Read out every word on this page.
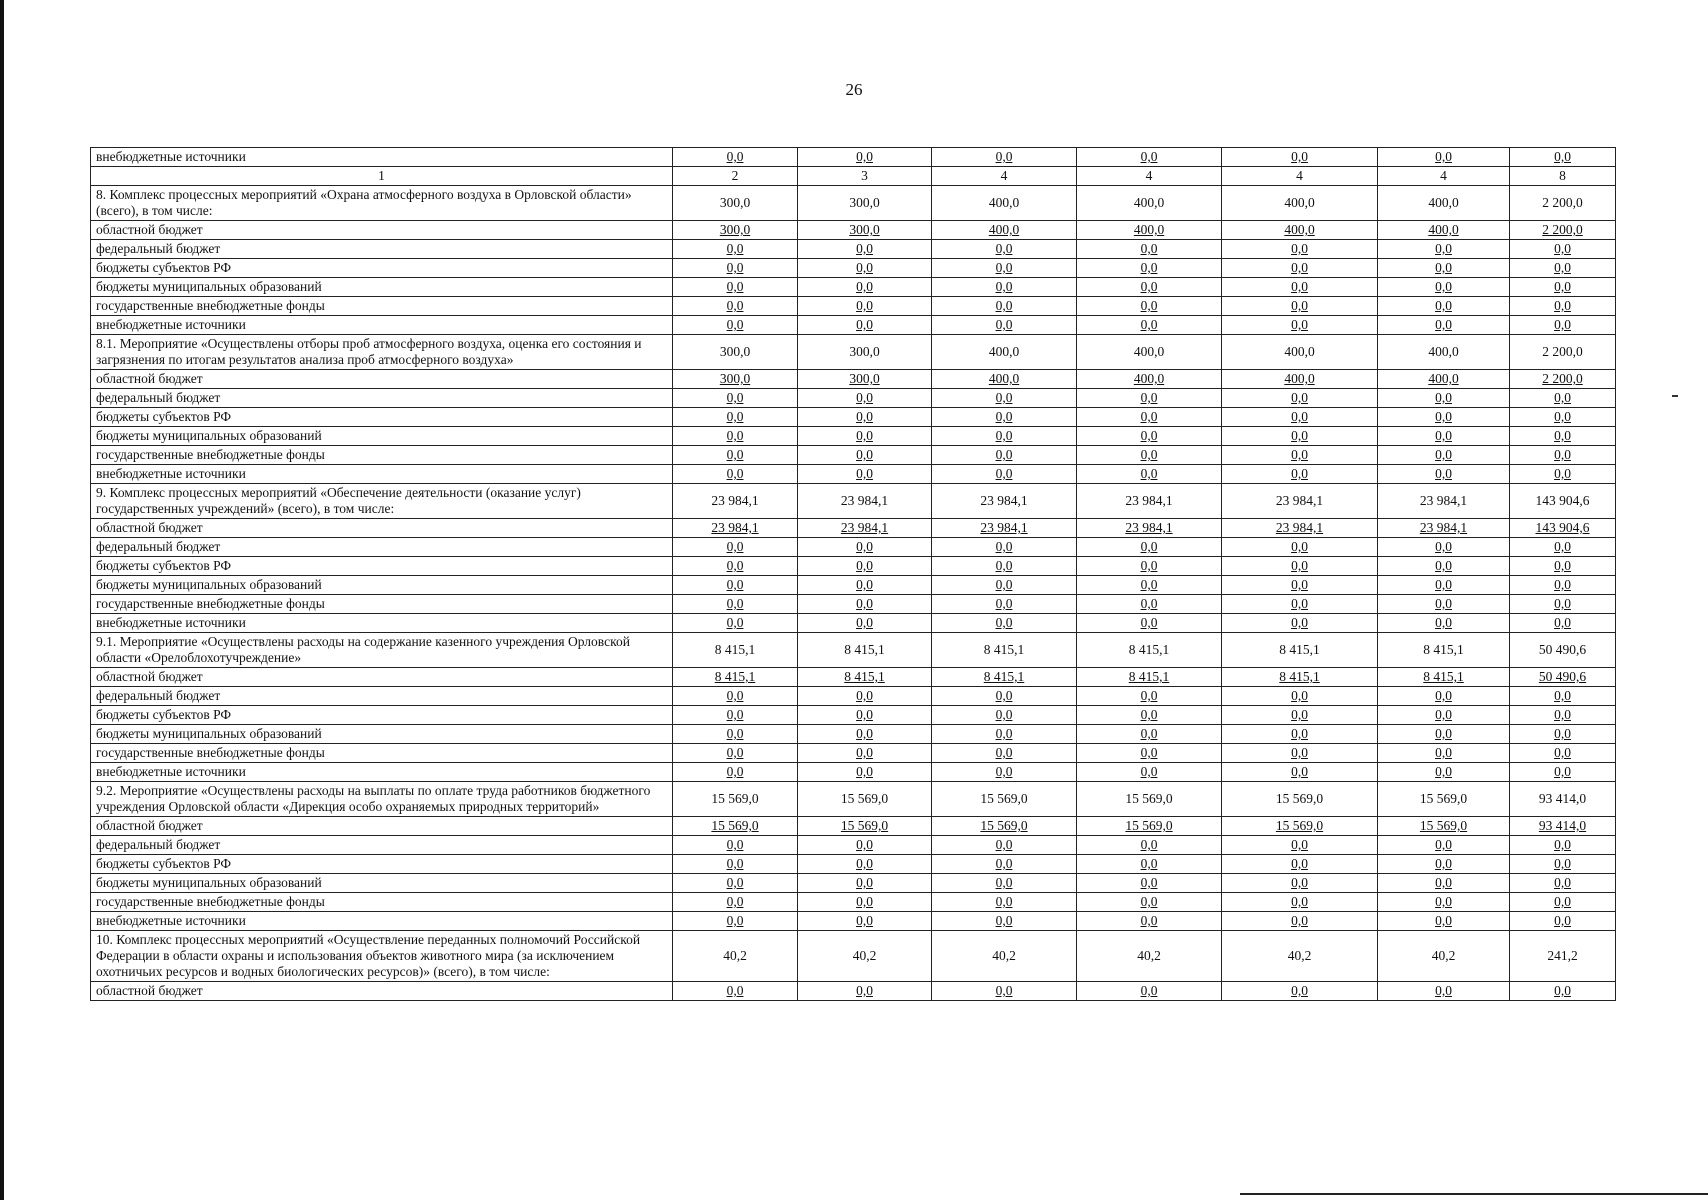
26
внебюджетные источники	0,0	0,0	0,0	0,0	0,0	0,0	0,0
1	2	3	4	4	4	4	8
8. Комплекс процессных мероприятий «Охрана атмосферного воздуха в Орловской области» (всего), в том числе:	300,0	300,0	400,0	400,0	400,0	400,0	2 200,0
областной бюджет	300,0	300,0	400,0	400,0	400,0	400,0	2 200,0
федеральный бюджет	0,0	0,0	0,0	0,0	0,0	0,0	0,0
бюджеты субъектов РФ	0,0	0,0	0,0	0,0	0,0	0,0	0,0
бюджеты муниципальных образований	0,0	0,0	0,0	0,0	0,0	0,0	0,0
государственные внебюджетные фонды	0,0	0,0	0,0	0,0	0,0	0,0	0,0
внебюджетные источники	0,0	0,0	0,0	0,0	0,0	0,0	0,0
8.1. Мероприятие «Осуществлены отборы проб атмосферного воздуха, оценка его состояния и загрязнения по итогам результатов анализа проб атмосферного воздуха»	300,0	300,0	400,0	400,0	400,0	400,0	2 200,0
областной бюджет	300,0	300,0	400,0	400,0	400,0	400,0	2 200,0
федеральный бюджет	0,0	0,0	0,0	0,0	0,0	0,0	0,0
бюджеты субъектов РФ	0,0	0,0	0,0	0,0	0,0	0,0	0,0
бюджеты муниципальных образований	0,0	0,0	0,0	0,0	0,0	0,0	0,0
государственные внебюджетные фонды	0,0	0,0	0,0	0,0	0,0	0,0	0,0
внебюджетные источники	0,0	0,0	0,0	0,0	0,0	0,0	0,0
9. Комплекс процессных мероприятий «Обеспечение деятельности (оказание услуг) государственных учреждений» (всего), в том числе:	23 984,1	23 984,1	23 984,1	23 984,1	23 984,1	23 984,1	143 904,6
областной бюджет	23 984,1	23 984,1	23 984,1	23 984,1	23 984,1	23 984,1	143 904,6
федеральный бюджет	0,0	0,0	0,0	0,0	0,0	0,0	0,0
бюджеты субъектов РФ	0,0	0,0	0,0	0,0	0,0	0,0	0,0
бюджеты муниципальных образований	0,0	0,0	0,0	0,0	0,0	0,0	0,0
государственные внебюджетные фонды	0,0	0,0	0,0	0,0	0,0	0,0	0,0
внебюджетные источники	0,0	0,0	0,0	0,0	0,0	0,0	0,0
9.1. Мероприятие «Осуществлены расходы на содержание казенного учреждения Орловской области «Орелоблохотучреждение»	8 415,1	8 415,1	8 415,1	8 415,1	8 415,1	8 415,1	50 490,6
областной бюджет	8 415,1	8 415,1	8 415,1	8 415,1	8 415,1	8 415,1	50 490,6
федеральный бюджет	0,0	0,0	0,0	0,0	0,0	0,0	0,0
бюджеты субъектов РФ	0,0	0,0	0,0	0,0	0,0	0,0	0,0
бюджеты муниципальных образований	0,0	0,0	0,0	0,0	0,0	0,0	0,0
государственные внебюджетные фонды	0,0	0,0	0,0	0,0	0,0	0,0	0,0
внебюджетные источники	0,0	0,0	0,0	0,0	0,0	0,0	0,0
9.2. Мероприятие «Осуществлены расходы на выплаты по оплате труда работников бюджетного учреждения Орловской области «Дирекция особо охраняемых природных территорий»	15 569,0	15 569,0	15 569,0	15 569,0	15 569,0	15 569,0	93 414,0
областной бюджет	15 569,0	15 569,0	15 569,0	15 569,0	15 569,0	15 569,0	93 414,0
федеральный бюджет	0,0	0,0	0,0	0,0	0,0	0,0	0,0
бюджеты субъектов РФ	0,0	0,0	0,0	0,0	0,0	0,0	0,0
бюджеты муниципальных образований	0,0	0,0	0,0	0,0	0,0	0,0	0,0
государственные внебюджетные фонды	0,0	0,0	0,0	0,0	0,0	0,0	0,0
внебюджетные источники	0,0	0,0	0,0	0,0	0,0	0,0	0,0
10. Комплекс процессных мероприятий «Осуществление переданных полномочий Российской Федерации в области охраны и использования объектов животного мира (за исключением охотничьих ресурсов и водных биологических ресурсов)» (всего), в том числе:	40,2	40,2	40,2	40,2	40,2	40,2	241,2
областной бюджет	0,0	0,0	0,0	0,0	0,0	0,0	0,0
